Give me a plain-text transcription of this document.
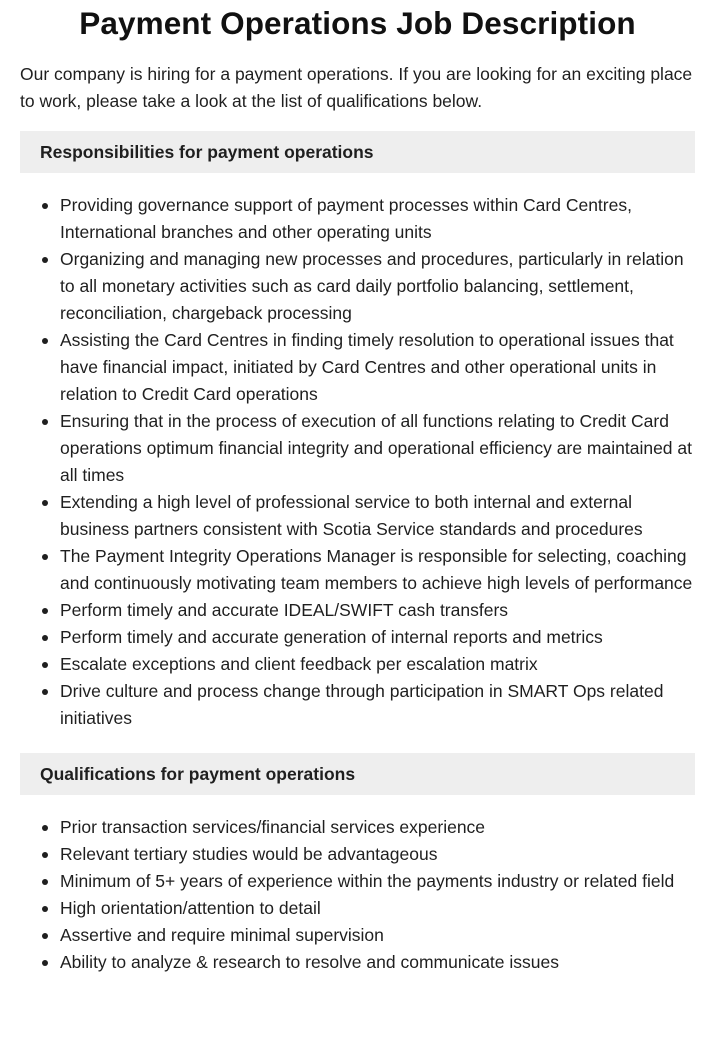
Payment Operations Job Description

Our company is hiring for a payment operations. If you are looking for an exciting place to work, please take a look at the list of qualifications below.

Responsibilities for payment operations
Providing governance support of payment processes within Card Centres, International branches and other operating units
Organizing and managing new processes and procedures, particularly in relation to all monetary activities such as card daily portfolio balancing, settlement, reconciliation, chargeback processing
Assisting the Card Centres in finding timely resolution to operational issues that have financial impact, initiated by Card Centres and other operational units in relation to Credit Card operations
Ensuring that in the process of execution of all functions relating to Credit Card operations optimum financial integrity and operational efficiency are maintained at all times
Extending a high level of professional service to both internal and external business partners consistent with Scotia Service standards and procedures
The Payment Integrity Operations Manager is responsible for selecting, coaching and continuously motivating team members to achieve high levels of performance
Perform timely and accurate IDEAL/SWIFT cash transfers
Perform timely and accurate generation of internal reports and metrics
Escalate exceptions and client feedback per escalation matrix
Drive culture and process change through participation in SMART Ops related initiatives
Qualifications for payment operations
Prior transaction services/financial services experience
Relevant tertiary studies would be advantageous
Minimum of 5+ years of experience within the payments industry or related field
High orientation/attention to detail
Assertive and require minimal supervision
Ability to analyze & research to resolve and communicate issues
